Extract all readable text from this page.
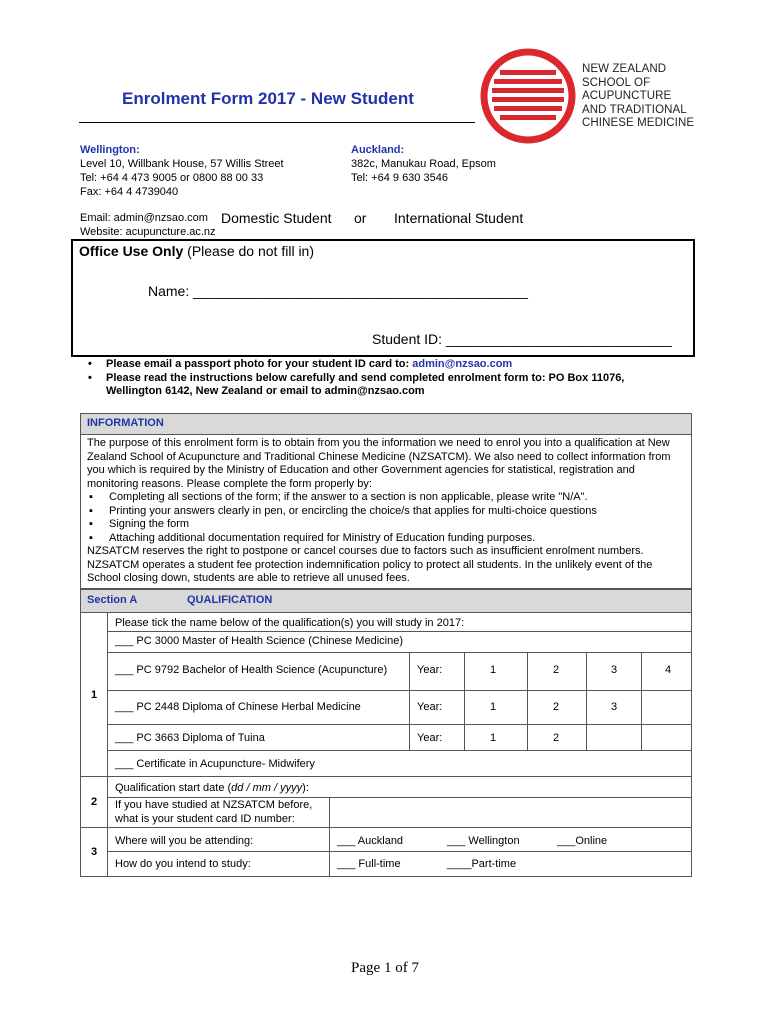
Enrolment Form 2017 - New Student
NEW ZEALAND
SCHOOL OF
ACUPUNCTURE
AND TRADITIONAL
CHINESE MEDICINE
Wellington:
Level 10, Willbank House, 57 Willis Street
Tel: +64 4 473 9005 or 0800 88 00 33
Fax: +64 4 4739040
Auckland:
382c, Manukau Road, Epsom
Tel: +64 9 630 3546
Email: admin@nzsao.com Domestic Student or International Student
Website: acupuncture.ac.nz
Office Use Only (Please do not fill in)
Name: ___________________________________________
Student ID: _____________________________
• Please email a passport photo for your student ID card to: admin@nzsao.com
• Please read the instructions below carefully and send completed enrolment form to: PO Box 11076, Wellington 6142, New Zealand or email to admin@nzsao.com
INFORMATION
The purpose of this enrolment form is to obtain from you the information we need to enrol you into a qualification at New Zealand School of Acupuncture and Traditional Chinese Medicine (NZSATCM). We also need to collect information from you which is required by the Ministry of Education and other Government agencies for statistical, registration and monitoring reasons. Please complete the form properly by:
▪ Completing all sections of the form; if the answer to a section is non applicable, please write "N/A".
▪ Printing your answers clearly in pen, or encircling the choice/s that applies for multi-choice questions
▪ Signing the form
▪ Attaching additional documentation required for Ministry of Education funding purposes.
NZSATCM reserves the right to postpone or cancel courses due to factors such as insufficient enrolment numbers.
NZSATCM operates a student fee protection indemnification policy to protect all students. In the unlikely event of the School closing down, students are able to retrieve all unused fees.
Section A	QUALIFICATION
1
Please tick the name below of the qualification(s) you will study in 2017:
___ PC 3000 Master of Health Science (Chinese Medicine)
___ PC 9792 Bachelor of Health Science (Acupuncture)	Year:	1	2	3	4
___ PC 2448 Diploma of Chinese Herbal Medicine	Year:	1	2	3
___ PC 3663 Diploma of Tuina	Year:	1	2
___ Certificate in Acupuncture- Midwifery
2
Qualification start date (dd / mm / yyyy):
If you have studied at NZSATCM before, what is your student card ID number:
3
Where will you be attending:	___ Auckland	___ Wellington	___Online
How do you intend to study:	___ Full-time	____Part-time
Page 1 of 7
